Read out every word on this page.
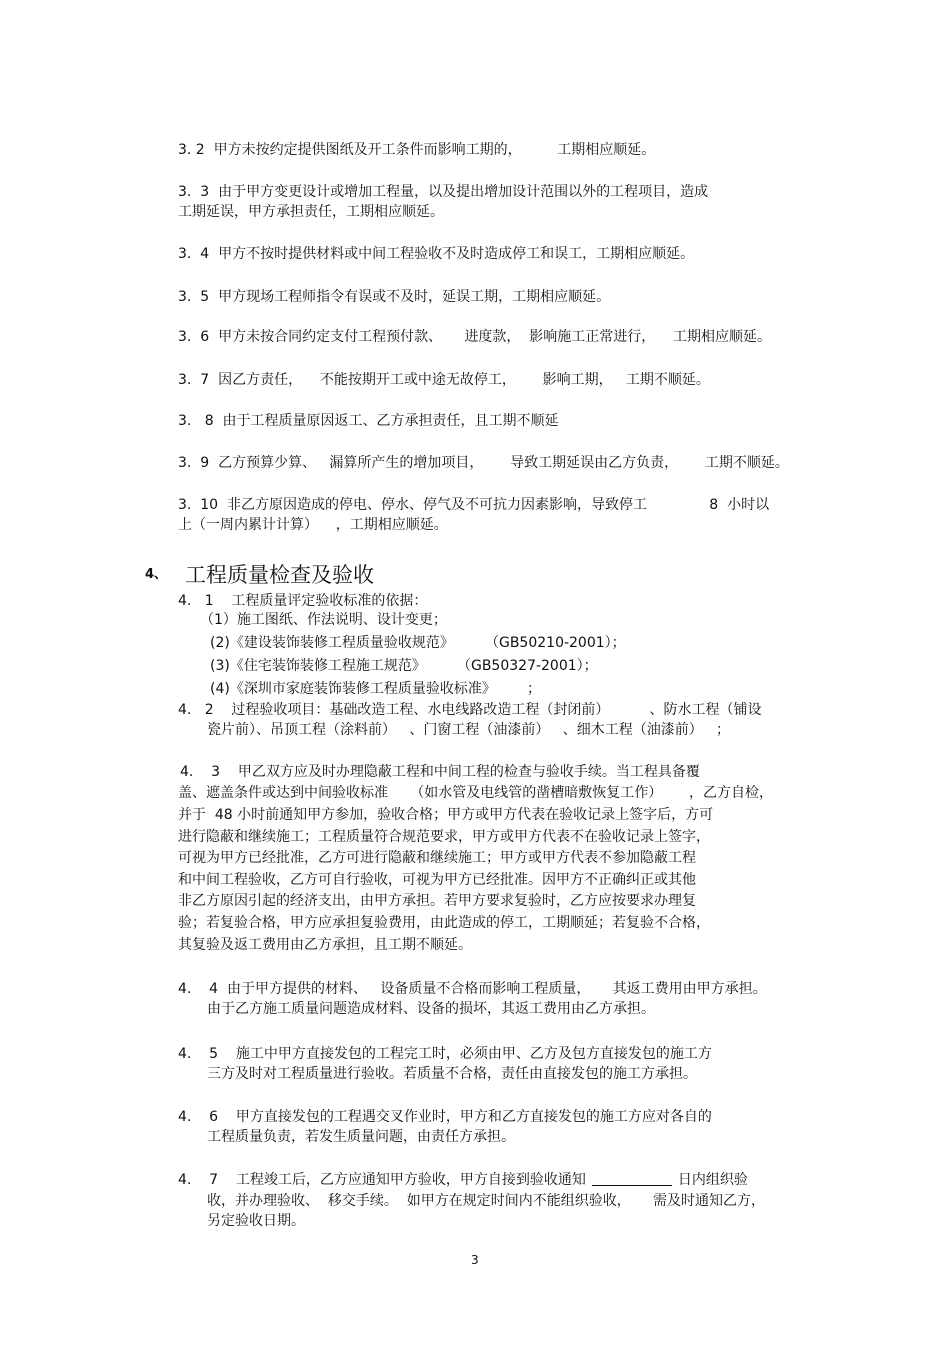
3. 2  甲方未按约定提供图纸及开工条件而影响工期的，        工期相应顺延。

3.  3  由于甲方变更设计或增加工程量，以及提出增加设计范围以外的工程项目，造成

工期延误，甲方承担责任，工期相应顺延。

3.  4  甲方不按时提供材料或中间工程验收不及时造成停工和误工，工期相应顺延。

3.  5  甲方现场工程师指令有误或不及时，延误工期，工期相应顺延。

3.  6  甲方未按合同约定支付工程预付款、     进度款，  影响施工正常进行，    工期相应顺延。

3.  7  因乙方责任，    不能按期开工或中途无故停工，      影响工期，   工期不顺延。

3.   8  由于工程质量原因返工、乙方承担责任，且工期不顺延

3.  9  乙方预算少算、   漏算所产生的增加项目，      导致工期延误由乙方负责，      工期不顺延。

3.  10  非乙方原因造成的停电、停水、停气及不可抗力因素影响，导致停工              8  小时以

上（一周内累计计算）    ，工期相应顺延。

4、 工程质量检查及验收

4.   1    工程质量评定验收标准的依据：

（1）施工图纸、作法说明、设计变更；

(2)《建设装饰装修工程质量验收规范》       （GB50210-2001）；

(3)《住宅装饰装修工程施工规范》       （GB50327-2001）；

(4)《深圳市家庭装饰装修工程质量验收标准》       ；

4.   2    过程验收项目：基础改造工程、水电线路改造工程（封闭前）         、防水工程（铺设

瓷片前）、吊顶工程（涂料前）   、门窗工程（油漆前）   、细木工程（油漆前）   ；

4.    3    甲乙双方应及时办理隐蔽工程和中间工程的检查与验收手续。当工程具备覆

盖、遮盖条件或达到中间验收标准     （如水管及电线管的凿槽暗敷恢复工作）      ，乙方自检，

并于  48 小时前通知甲方参加，验收合格；甲方或甲方代表在验收记录上签字后，方可

进行隐蔽和继续施工；工程质量符合规范要求，甲方或甲方代表不在验收记录上签字，

可视为甲方已经批准，乙方可进行隐蔽和继续施工；甲方或甲方代表不参加隐蔽工程

和中间工程验收，乙方可自行验收，可视为甲方已经批准。因甲方不正确纠正或其他

非乙方原因引起的经济支出，由甲方承担。若甲方要求复验时，乙方应按要求办理复

验；若复验合格，甲方应承担复验费用，由此造成的停工，工期顺延；若复验不合格，

其复验及返工费用由乙方承担，且工期不顺延。

4.    4  由于甲方提供的材料、   设备质量不合格而影响工程质量，     其返工费用由甲方承担。

由于乙方施工质量问题造成材料、设备的损坏，其返工费用由乙方承担。

4.    5    施工中甲方直接发包的工程完工时，必须由甲、乙方及包方直接发包的施工方

三方及时对工程质量进行验收。若质量不合格，责任由直接发包的施工方承担。

4.    6    甲方直接发包的工程遇交叉作业时，甲方和乙方直接发包的施工方应对各自的

工程质量负责，若发生质量问题，由责任方承担。

4.    7    工程竣工后，乙方应通知甲方验收，甲方自接到验收通知	日内组织验

收，并办理验收、  移交手续。  如甲方在规定时间内不能组织验收，     需及时通知乙方，

另定验收日期。

3
